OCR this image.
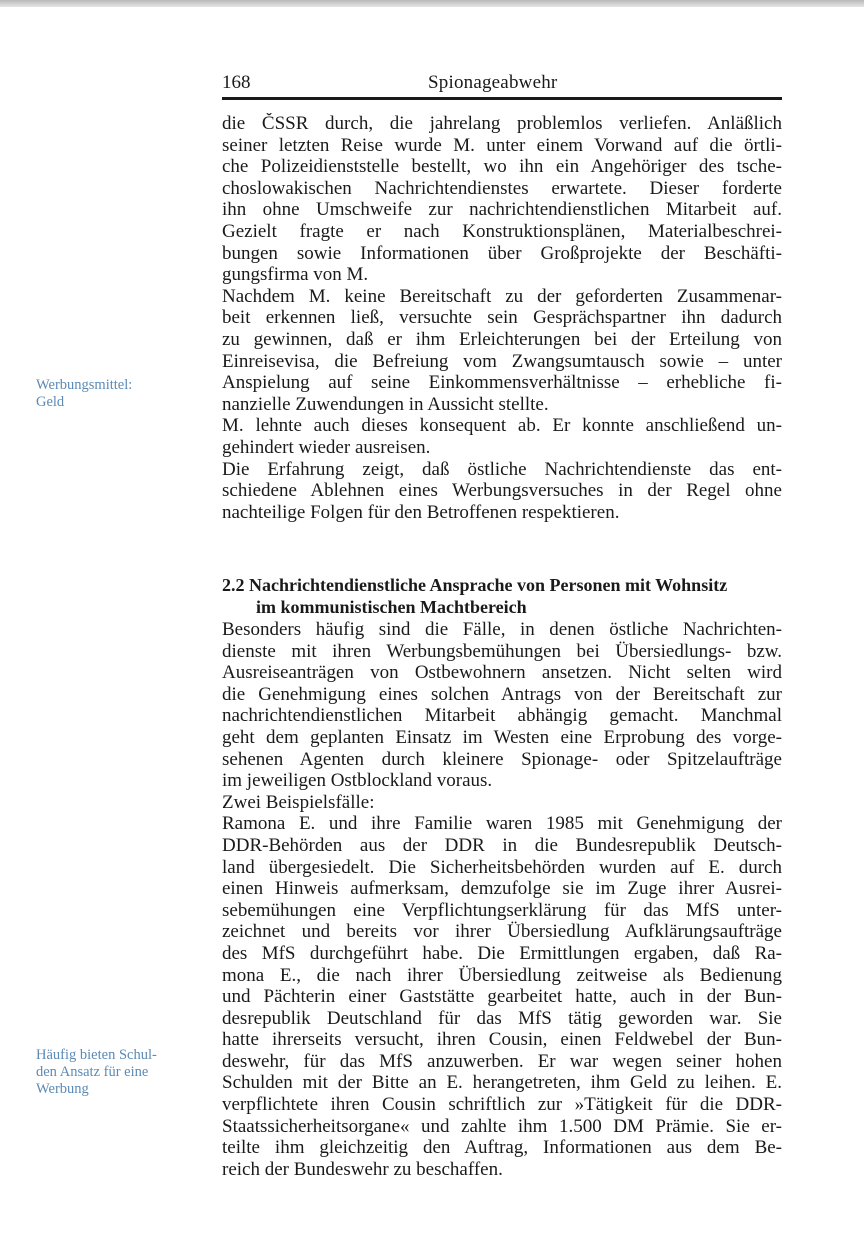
168	Spionageabwehr
Werbungsmittel:
Geld
Häufig bieten Schul-
den Ansatz für eine
Werbung
die ČSSR durch, die jahrelang problemlos verliefen. Anläßlich
seiner letzten Reise wurde M. unter einem Vorwand auf die örtli-
che Polizeidienststelle bestellt, wo ihn ein Angehöriger des tsche-
choslowakischen Nachrichtendienstes erwartete. Dieser forderte
ihn ohne Umschweife zur nachrichtendienstlichen Mitarbeit auf.
Gezielt fragte er nach Konstruktionsplänen, Materialbeschrei-
bungen sowie Informationen über Großprojekte der Beschäfti-
gungsfirma von M.
Nachdem M. keine Bereitschaft zu der geforderten Zusammenar-
beit erkennen ließ, versuchte sein Gesprächspartner ihn dadurch
zu gewinnen, daß er ihm Erleichterungen bei der Erteilung von
Einreisevisa, die Befreiung vom Zwangsumtausch sowie – unter
Anspielung auf seine Einkommensverhältnisse – erhebliche fi-
nanzielle Zuwendungen in Aussicht stellte.
M. lehnte auch dieses konsequent ab. Er konnte anschließend un-
gehindert wieder ausreisen.
Die Erfahrung zeigt, daß östliche Nachrichtendienste das ent-
schiedene Ablehnen eines Werbungsversuches in der Regel ohne
nachteilige Folgen für den Betroffenen respektieren.
2.2 Nachrichtendienstliche Ansprache von Personen mit Wohnsitz
im kommunistischen Machtbereich
Besonders häufig sind die Fälle, in denen östliche Nachrichten-
dienste mit ihren Werbungsbemühungen bei Übersiedlungs- bzw.
Ausreiseanträgen von Ostbewohnern ansetzen. Nicht selten wird
die Genehmigung eines solchen Antrags von der Bereitschaft zur
nachrichtendienstlichen Mitarbeit abhängig gemacht. Manchmal
geht dem geplanten Einsatz im Westen eine Erprobung des vorge-
sehenen Agenten durch kleinere Spionage- oder Spitzelaufträge
im jeweiligen Ostblockland voraus.
Zwei Beispielsfälle:
Ramona E. und ihre Familie waren 1985 mit Genehmigung der
DDR-Behörden aus der DDR in die Bundesrepublik Deutsch-
land übergesiedelt. Die Sicherheitsbehörden wurden auf E. durch
einen Hinweis aufmerksam, demzufolge sie im Zuge ihrer Ausrei-
sebemühungen eine Verpflichtungserklärung für das MfS unter-
zeichnet und bereits vor ihrer Übersiedlung Aufklärungsaufträge
des MfS durchgeführt habe. Die Ermittlungen ergaben, daß Ra-
mona E., die nach ihrer Übersiedlung zeitweise als Bedienung
und Pächterin einer Gaststätte gearbeitet hatte, auch in der Bun-
desrepublik Deutschland für das MfS tätig geworden war. Sie
hatte ihrerseits versucht, ihren Cousin, einen Feldwebel der Bun-
deswehr, für das MfS anzuwerben. Er war wegen seiner hohen
Schulden mit der Bitte an E. herangetreten, ihm Geld zu leihen. E.
verpflichtete ihren Cousin schriftlich zur »Tätigkeit für die DDR-
Staatssicherheitsorgane« und zahlte ihm 1.500 DM Prämie. Sie er-
teilte ihm gleichzeitig den Auftrag, Informationen aus dem Be-
reich der Bundeswehr zu beschaffen.
